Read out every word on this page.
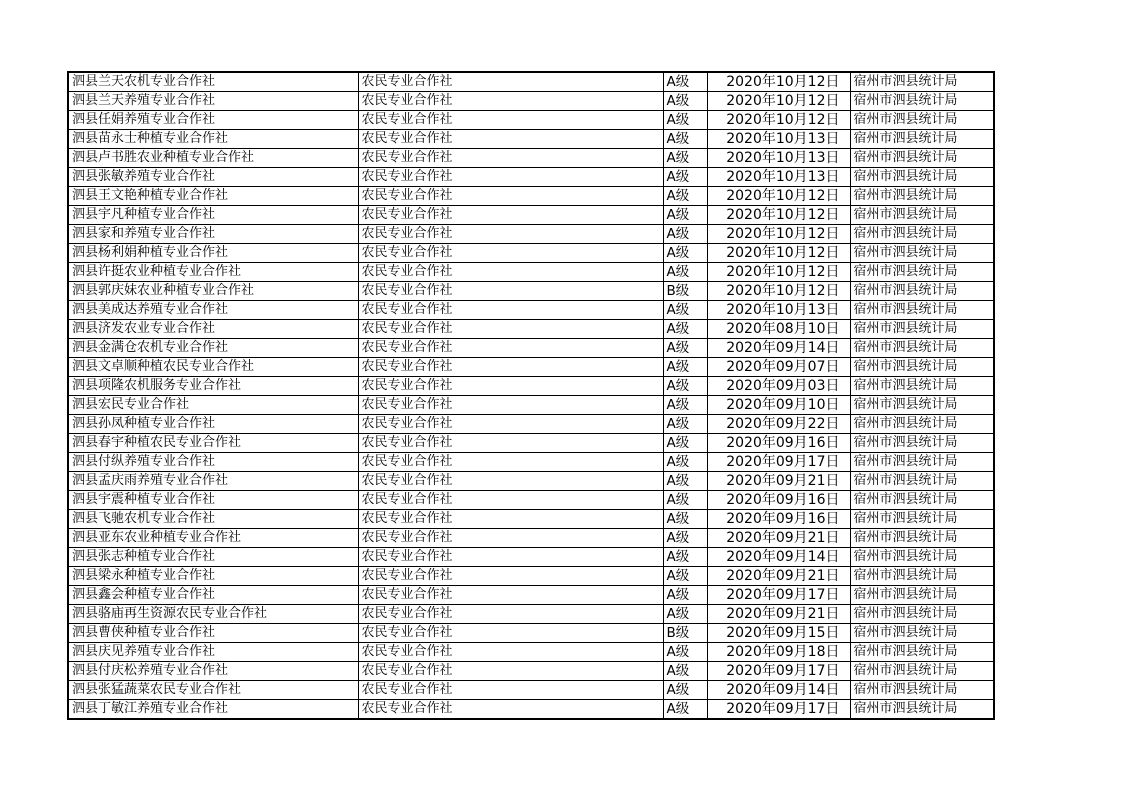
泗县兰天农机专业合作社	农民专业合作社	A级	2020年10月12日	宿州市泗县统计局
泗县兰天养殖专业合作社	农民专业合作社	A级	2020年10月12日	宿州市泗县统计局
泗县任娟养殖专业合作社	农民专业合作社	A级	2020年10月12日	宿州市泗县统计局
泗县苗永士种植专业合作社	农民专业合作社	A级	2020年10月13日	宿州市泗县统计局
泗县卢书胜农业种植专业合作社	农民专业合作社	A级	2020年10月13日	宿州市泗县统计局
泗县张敏养殖专业合作社	农民专业合作社	A级	2020年10月13日	宿州市泗县统计局
泗县王文艳种植专业合作社	农民专业合作社	A级	2020年10月12日	宿州市泗县统计局
泗县宇凡种植专业合作社	农民专业合作社	A级	2020年10月12日	宿州市泗县统计局
泗县家和养殖专业合作社	农民专业合作社	A级	2020年10月12日	宿州市泗县统计局
泗县杨利娟种植专业合作社	农民专业合作社	A级	2020年10月12日	宿州市泗县统计局
泗县许挺农业种植专业合作社	农民专业合作社	A级	2020年10月12日	宿州市泗县统计局
泗县郭庆妹农业种植专业合作社	农民专业合作社	B级	2020年10月12日	宿州市泗县统计局
泗县美成达养殖专业合作社	农民专业合作社	A级	2020年10月13日	宿州市泗县统计局
泗县济发农业专业合作社	农民专业合作社	A级	2020年08月10日	宿州市泗县统计局
泗县金满仓农机专业合作社	农民专业合作社	A级	2020年09月14日	宿州市泗县统计局
泗县文卓顺种植农民专业合作社	农民专业合作社	A级	2020年09月07日	宿州市泗县统计局
泗县项隆农机服务专业合作社	农民专业合作社	A级	2020年09月03日	宿州市泗县统计局
泗县宏民专业合作社	农民专业合作社	A级	2020年09月10日	宿州市泗县统计局
泗县孙凤种植专业合作社	农民专业合作社	A级	2020年09月22日	宿州市泗县统计局
泗县春宇种植农民专业合作社	农民专业合作社	A级	2020年09月16日	宿州市泗县统计局
泗县付纵养殖专业合作社	农民专业合作社	A级	2020年09月17日	宿州市泗县统计局
泗县孟庆雨养殖专业合作社	农民专业合作社	A级	2020年09月21日	宿州市泗县统计局
泗县宇震种植专业合作社	农民专业合作社	A级	2020年09月16日	宿州市泗县统计局
泗县飞驰农机专业合作社	农民专业合作社	A级	2020年09月16日	宿州市泗县统计局
泗县亚东农业种植专业合作社	农民专业合作社	A级	2020年09月21日	宿州市泗县统计局
泗县张志种植专业合作社	农民专业合作社	A级	2020年09月14日	宿州市泗县统计局
泗县梁永种植专业合作社	农民专业合作社	A级	2020年09月21日	宿州市泗县统计局
泗县鑫会种植专业合作社	农民专业合作社	A级	2020年09月17日	宿州市泗县统计局
泗县骆庙再生资源农民专业合作社	农民专业合作社	A级	2020年09月21日	宿州市泗县统计局
泗县曹侠种植专业合作社	农民专业合作社	B级	2020年09月15日	宿州市泗县统计局
泗县庆见养殖专业合作社	农民专业合作社	A级	2020年09月18日	宿州市泗县统计局
泗县付庆松养殖专业合作社	农民专业合作社	A级	2020年09月17日	宿州市泗县统计局
泗县张猛蔬菜农民专业合作社	农民专业合作社	A级	2020年09月14日	宿州市泗县统计局
泗县丁敏江养殖专业合作社	农民专业合作社	A级	2020年09月17日	宿州市泗县统计局
